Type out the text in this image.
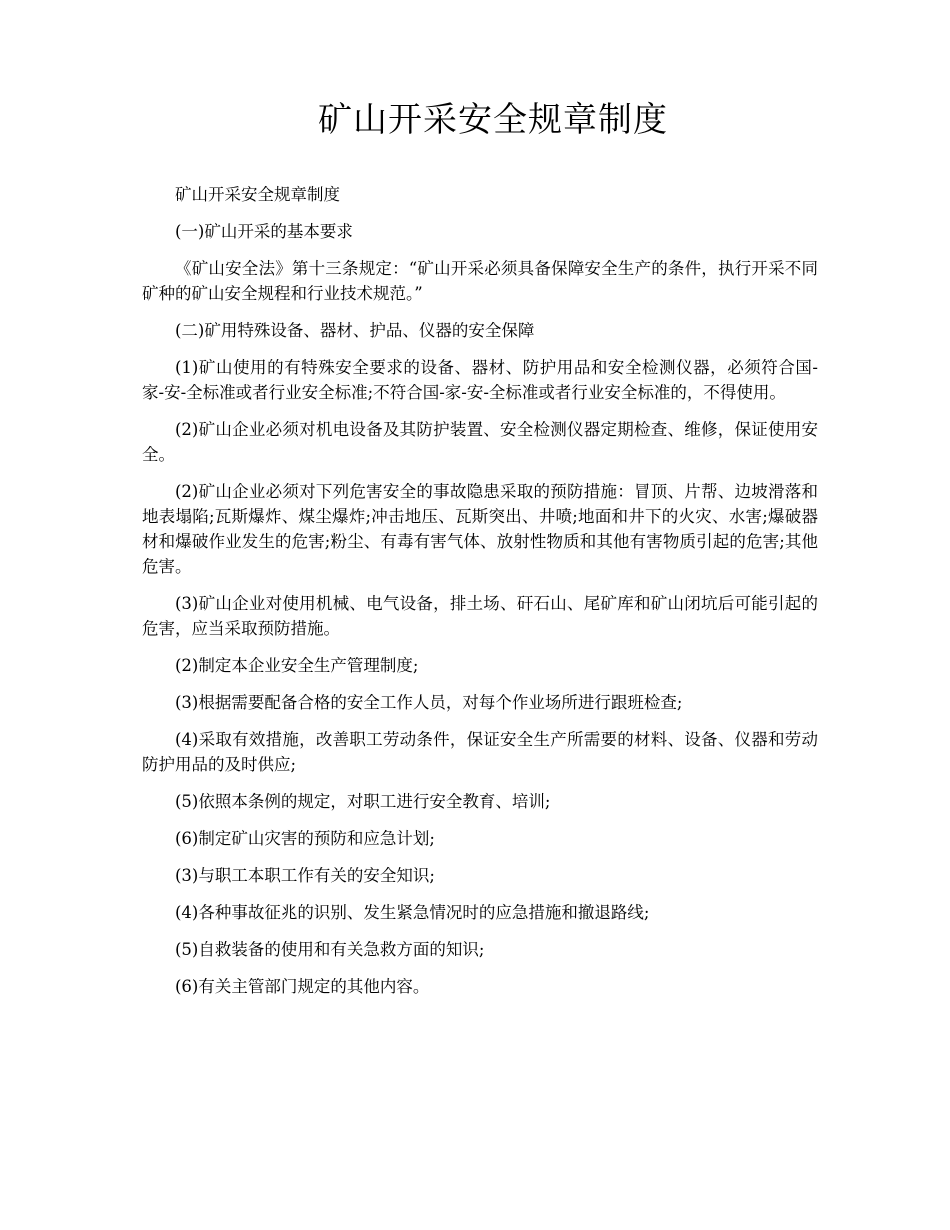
矿山开采安全规章制度

矿山开采安全规章制度

(一)矿山开采的基本要求

《矿山安全法》第十三条规定：“矿山开采必须具备保障安全生产的条件，执行开采不同矿种的矿山安全规程和行业技术规范。”

(二)矿用特殊设备、器材、护品、仪器的安全保障

(1)矿山使用的有特殊安全要求的设备、器材、防护用品和安全检测仪器，必须符合国-家-安-全标准或者行业安全标准;不符合国-家-安-全标准或者行业安全标准的，不得使用。

(2)矿山企业必须对机电设备及其防护装置、安全检测仪器定期检查、维修，保证使用安全。

(2)矿山企业必须对下列危害安全的事故隐患采取的预防措施：冒顶、片帮、边坡滑落和地表塌陷;瓦斯爆炸、煤尘爆炸;冲击地压、瓦斯突出、井喷;地面和井下的火灾、水害;爆破器材和爆破作业发生的危害;粉尘、有毒有害气体、放射性物质和其他有害物质引起的危害;其他危害。

(3)矿山企业对使用机械、电气设备，排土场、矸石山、尾矿库和矿山闭坑后可能引起的危害，应当采取预防措施。

(2)制定本企业安全生产管理制度;

(3)根据需要配备合格的安全工作人员，对每个作业场所进行跟班检查;

(4)采取有效措施，改善职工劳动条件，保证安全生产所需要的材料、设备、仪器和劳动防护用品的及时供应;

(5)依照本条例的规定，对职工进行安全教育、培训;

(6)制定矿山灾害的预防和应急计划;

(3)与职工本职工作有关的安全知识;

(4)各种事故征兆的识别、发生紧急情况时的应急措施和撤退路线;

(5)自救装备的使用和有关急救方面的知识;

(6)有关主管部门规定的其他内容。
